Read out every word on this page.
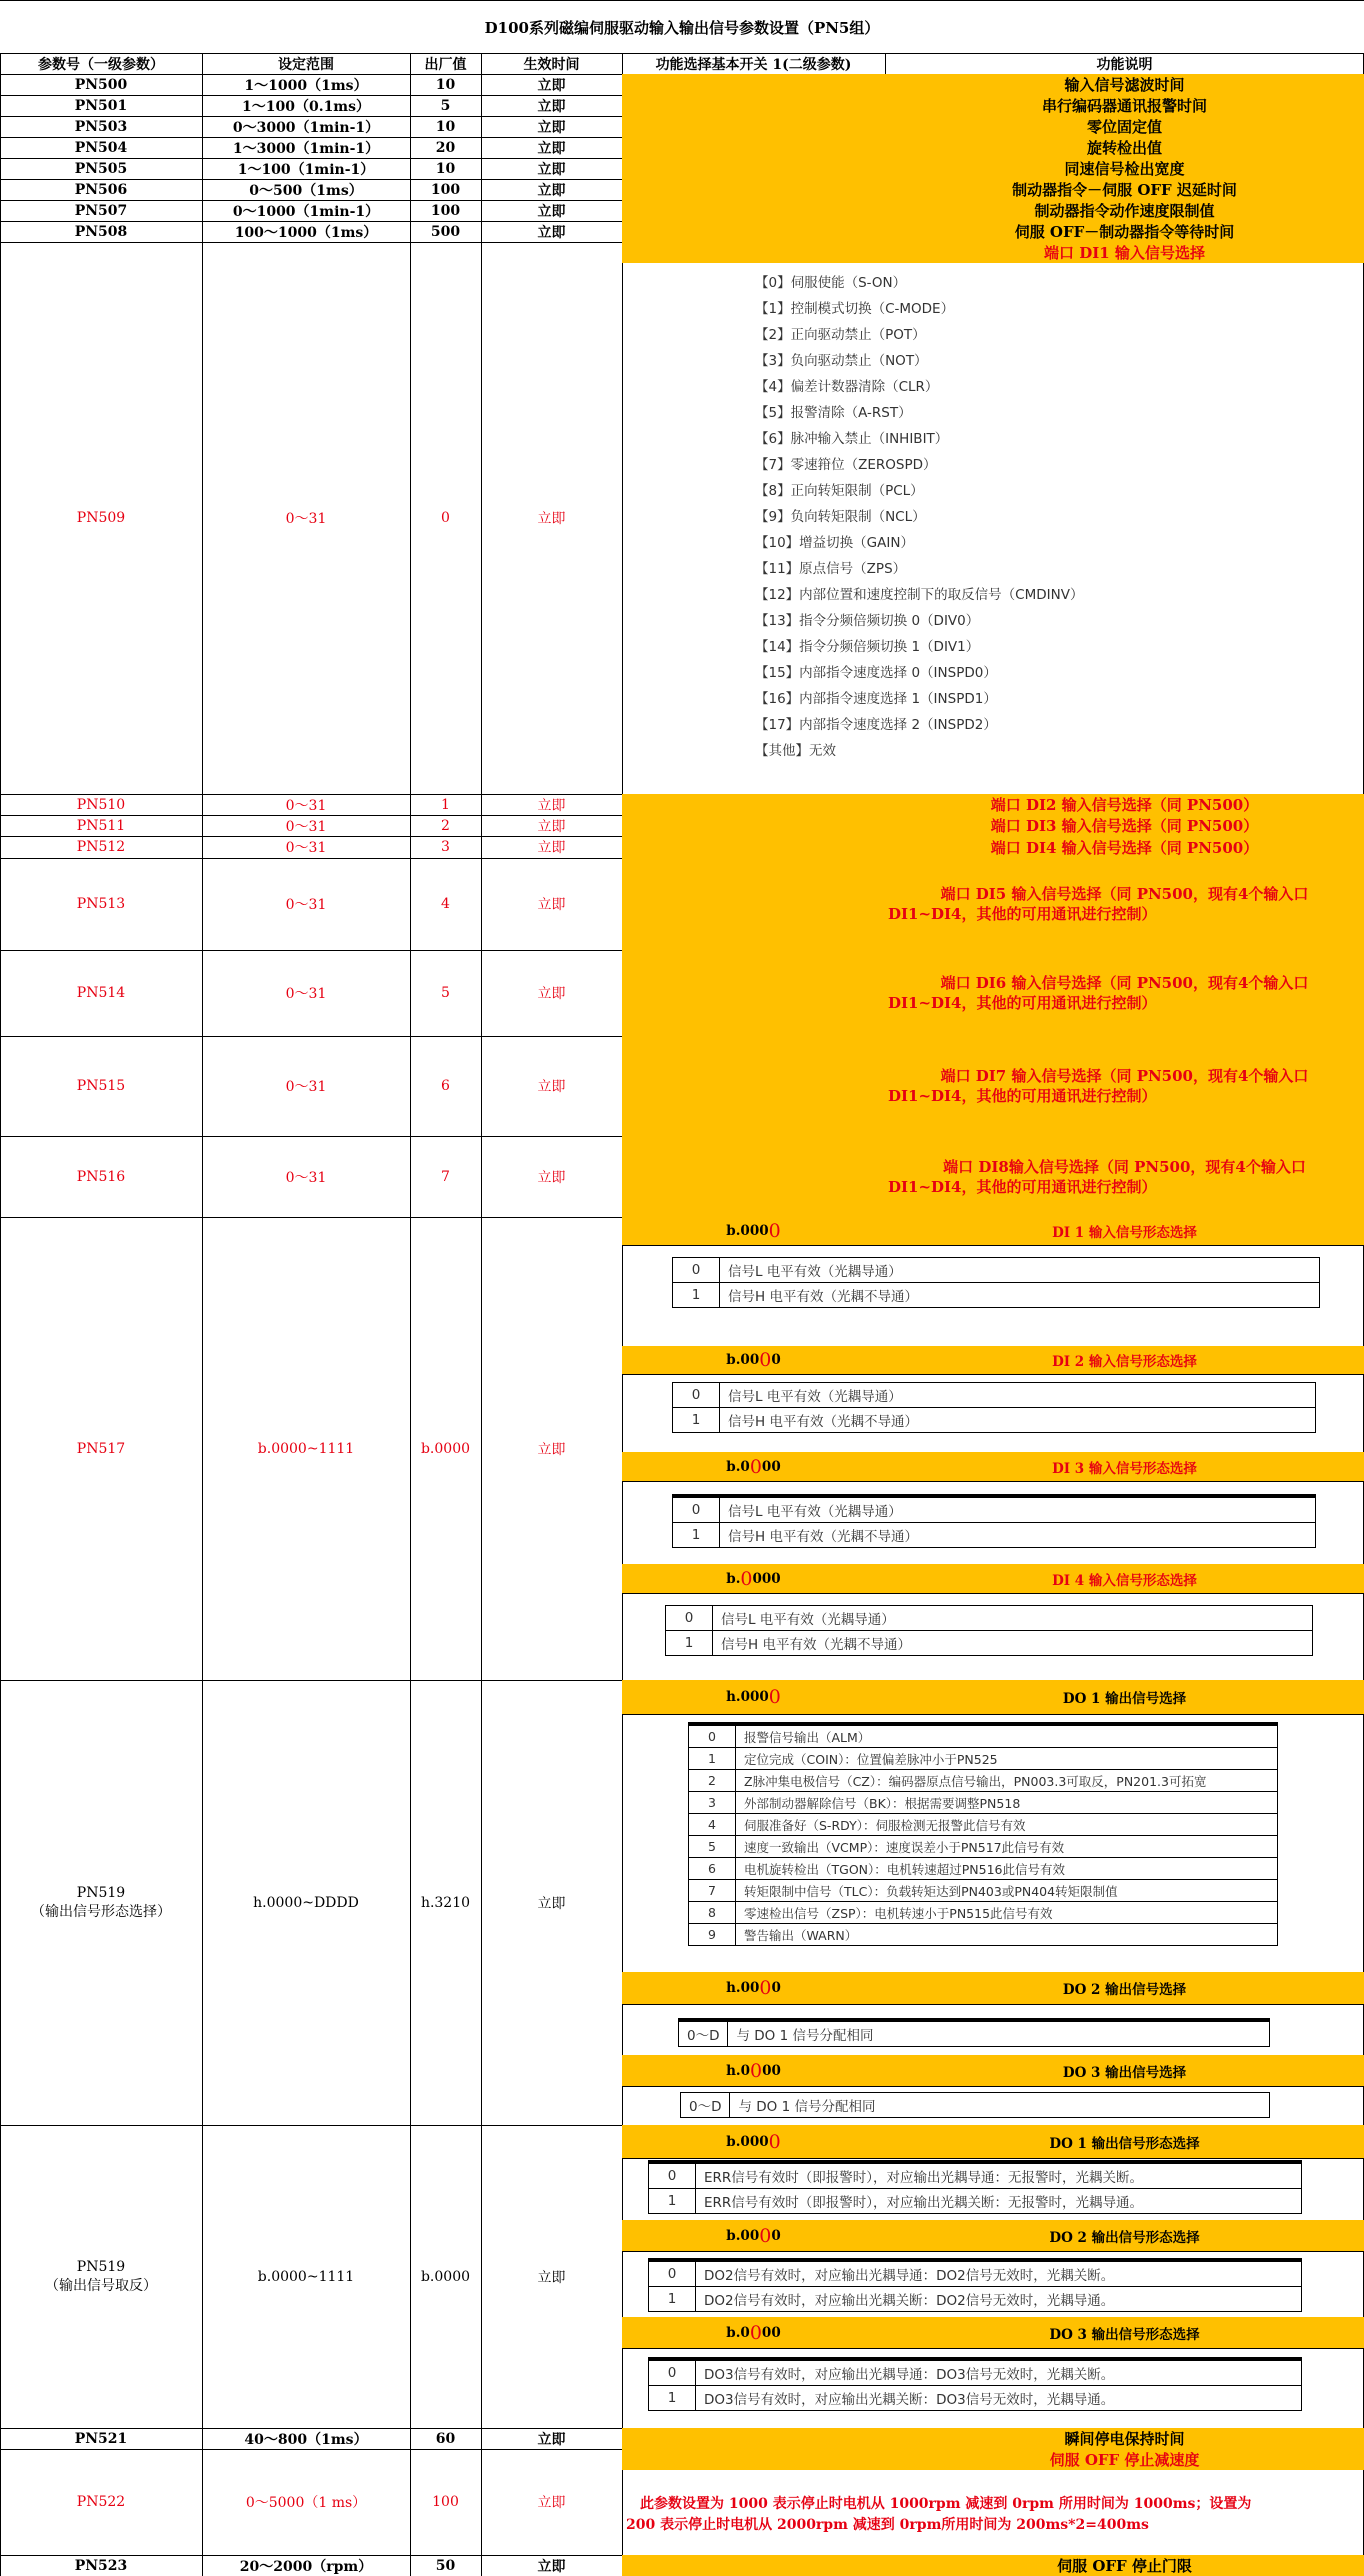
D100系列磁编伺服驱动输入输出信号参数设置（PN5组）
参数号（一级参数）	设定范围	出厂值	生效时间	功能选择基本开关 1(二级参数)	功能说明
PN500	1～1000（1ms）	10	立即	输入信号滤波时间
PN501	1～100（0.1ms）	5	立即	串行编码器通讯报警时间
PN503	0～3000（1min-1）	10	立即	零位固定值
PN504	1～3000（1min-1）	20	立即	旋转检出值
PN505	1～100（1min-1）	10	立即	同速信号检出宽度
PN506	0～500（1ms）	100	立即	制动器指令－伺服 OFF 迟延时间
PN507	0～1000（1min-1）	100	立即	制动器指令动作速度限制值
PN508	100～1000（1ms）	500	立即	伺服 OFF－制动器指令等待时间
PN509	0～31	0	立即
端口 DI1 输入信号选择
【0】伺服使能（S-ON）
【1】控制模式切换（C-MODE）
【2】正向驱动禁止（POT）
【3】负向驱动禁止（NOT）
【4】偏差计数器清除（CLR）
【5】报警清除（A-RST）
【6】脉冲输入禁止（INHIBIT）
【7】零速箝位（ZEROSPD）
【8】正向转矩限制（PCL）
【9】负向转矩限制（NCL）
【10】增益切换（GAIN）
【11】原点信号（ZPS）
【12】内部位置和速度控制下的取反信号（CMDINV）
【13】指令分频倍频切换 0（DIV0）
【14】指令分频倍频切换 1（DIV1）
【15】内部指令速度选择 0（INSPD0）
【16】内部指令速度选择 1（INSPD1）
【17】内部指令速度选择 2（INSPD2）
【其他】无效
PN510	0～31	1	立即	端口 DI2 输入信号选择（同 PN500）
PN511	0～31	2	立即	端口 DI3 输入信号选择（同 PN500）
PN512	0～31	3	立即	端口 DI4 输入信号选择（同 PN500）
PN513	0～31	4	立即
端口 DI5 输入信号选择（同 PN500，现有4个输入口
DI1~DI4，其他的可用通讯进行控制）
PN514	0～31	5	立即
端口 DI6 输入信号选择（同 PN500，现有4个输入口
DI1~DI4，其他的可用通讯进行控制）
PN515	0～31	6	立即
端口 DI7 输入信号选择（同 PN500，现有4个输入口
DI1~DI4，其他的可用通讯进行控制）
PN516	0～31	7	立即
端口 DI8输入信号选择（同 PN500，现有4个输入口
DI1~DI4，其他的可用通讯进行控制）
PN517	b.0000~1111	b.0000	立即
b.000 0	DI 1 输入信号形态选择
0	信号L 电平有效（光耦导通）
1	信号H 电平有效（光耦不导通）
b.00 0 0	DI 2 输入信号形态选择
0	信号L 电平有效（光耦导通）
1	信号H 电平有效（光耦不导通）
b.0 0 00	DI 3 输入信号形态选择
0	信号L 电平有效（光耦导通）
1	信号H 电平有效（光耦不导通）
b. 0 000	DI 4 输入信号形态选择
0	信号L 电平有效（光耦导通）
1	信号H 电平有效（光耦不导通）
PN519
（输出信号形态选择）
h.0000~DDDD	h.3210	立即
h.000 0	DO 1 输出信号选择
0	报警信号输出（ALM）
1	定位完成（COIN）：位置偏差脉冲小于PN525
2	Z脉冲集电极信号（CZ）：编码器原点信号输出，PN003.3可取反，PN201.3可拓宽
3	外部制动器解除信号（BK）：根据需要调整PN518
4	伺服准备好（S-RDY）：伺服检测无报警此信号有效
5	速度一致输出（VCMP）：速度误差小于PN517此信号有效
6	电机旋转检出（TGON）：电机转速超过PN516此信号有效
7	转矩限制中信号（TLC）：负载转矩达到PN403或PN404转矩限制值
8	零速检出信号（ZSP）：电机转速小于PN515此信号有效
9	警告输出（WARN）
h.00 0 0	DO 2 输出信号选择
0～D	与 DO 1 信号分配相同
h.0 0 00	DO 3 输出信号选择
0～D	与 DO 1 信号分配相同
PN519
（输出信号取反）
b.0000~1111	b.0000	立即
b.000 0	DO 1 输出信号形态选择
0	ERR信号有效时（即报警时），对应输出光耦导通：无报警时，光耦关断。
1	ERR信号有效时（即报警时），对应输出光耦关断：无报警时，光耦导通。
b.00 0 0	DO 2 输出信号形态选择
0	DO2信号有效时，对应输出光耦导通：DO2信号无效时，光耦关断。
1	DO2信号有效时，对应输出光耦关断：DO2信号无效时，光耦导通。
b.0 0 00	DO 3 输出信号形态选择
0	DO3信号有效时，对应输出光耦导通：DO3信号无效时，光耦关断。
1	DO3信号有效时，对应输出光耦关断：DO3信号无效时，光耦导通。
PN521	40～800（1ms）	60	立即	瞬间停电保持时间
PN522	0～5000（1 ms）	100	立即
伺服 OFF 停止减速度
此参数设置为 1000 表示停止时电机从 1000rpm 减速到 0rpm 所用时间为 1000ms；设置为
200 表示停止时电机从 2000rpm 减速到 0rpm所用时间为 200ms*2=400ms
PN523	20～2000（rpm）	50	立即	伺服 OFF 停止门限
